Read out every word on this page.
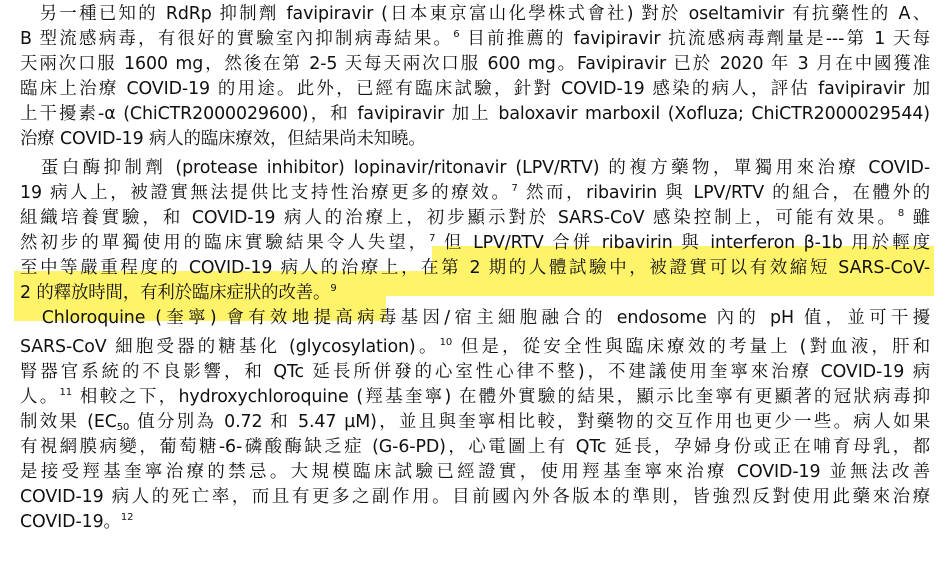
　另一種已知的 RdRp 抑制劑 favipiravir (日本東京富山化學株式會社) 對於 oseltamivir 有抗藥性的 A、
B 型流感病毒，有很好的實驗室內抑制病毒結果。$^6$ 目前推薦的 favipiravir 抗流感病毒劑量是---第 1 天每
天兩次口服 1600 mg，然後在第 2-5 天每天兩次口服 600 mg。Favipiravir 已於 2020 年 3 月在中國獲准
臨床上治療 COVID-19 的用途。此外，已經有臨床試驗，針對 COVID-19 感染的病人，評估 favipiravir 加
上干擾素-α (ChiCTR2000029600)，和 favipiravir 加上 baloxavir marboxil (Xofluza; ChiCTR2000029544)
治療 COVID-19 病人的臨床療效，但結果尚未知曉。
　蛋白酶抑制劑 (protease inhibitor) lopinavir/ritonavir (LPV/RTV) 的複方藥物，單獨用來治療 COVID-
19 病人上，被證實無法提供比支持性治療更多的療效。$^7$ 然而，ribavirin 與 LPV/RTV 的組合，在體外的
組織培養實驗，和 COVID-19 病人的治療上，初步顯示對於 SARS-CoV 感染控制上，可能有效果。$^8$ 雖
然初步的單獨使用的臨床實驗結果令人失望，$^7$ 但 LPV/RTV 合併 ribavirin 與 interferon β-1b 用於輕度
至中等嚴重程度的 COVID-19 病人的治療上，在第 2 期的人體試驗中，被證實可以有效縮短 SARS-CoV-
2 的釋放時間，有利於臨床症狀的改善。$^9$
　Chloroquine (奎寧) 會有效地提高病毒基因/宿主細胞融合的 endosome 內的 pH 值，並可干擾
SARS-CoV 細胞受器的糖基化 (glycosylation)。$^{10}$ 但是，從安全性與臨床療效的考量上 (對血液，肝和
腎器官系統的不良影響，和 QTc 延長所併發的心室性心律不整)，不建議使用奎寧來治療 COVID-19 病
人。$^{11}$ 相較之下，hydroxychloroquine (羥基奎寧) 在體外實驗的結果，顯示比奎寧有更顯著的冠狀病毒抑
制效果 ($EC_{50}$ 值分別為 0.72 和 5.47 µM)，並且與奎寧相比較，對藥物的交互作用也更少一些。病人如果
有視網膜病變，葡萄糖-6-磷酸酶缺乏症 (G-6-PD)，心電圖上有 QTc 延長，孕婦身份或正在哺育母乳，都
是接受羥基奎寧治療的禁忌。大規模臨床試驗已經證實，使用羥基奎寧來治療 COVID-19 並無法改善
COVID-19 病人的死亡率，而且有更多之副作用。目前國內外各版本的準則，皆強烈反對使用此藥來治療
COVID-19。$^{12}$
